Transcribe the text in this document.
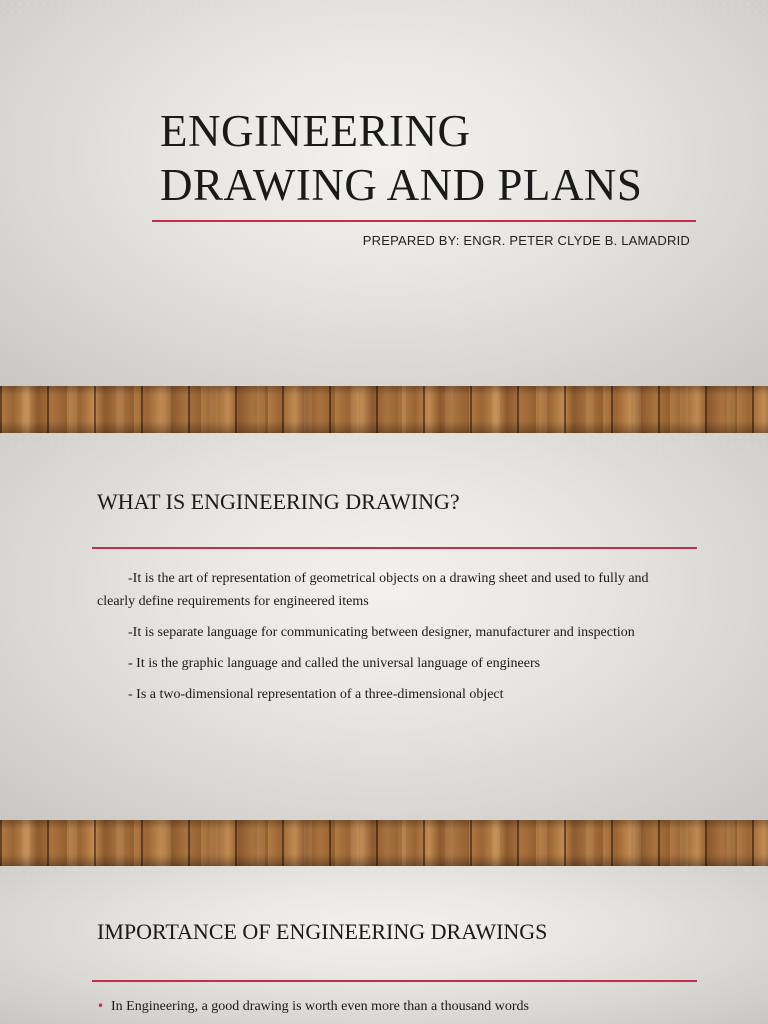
ENGINEERING
DRAWING AND PLANS
PREPARED BY: ENGR. PETER CLYDE B. LAMADRID
WHAT IS ENGINEERING DRAWING?

-It is the art of representation of geometrical objects on a drawing sheet and used to fully and clearly define requirements for engineered items

-It is separate language for communicating between designer, manufacturer and inspection

- It is the graphic language and called the universal language of engineers

- Is a two-dimensional representation of a three-dimensional object

IMPORTANCE OF ENGINEERING DRAWINGS
• In Engineering, a good drawing is worth even more than a thousand words
